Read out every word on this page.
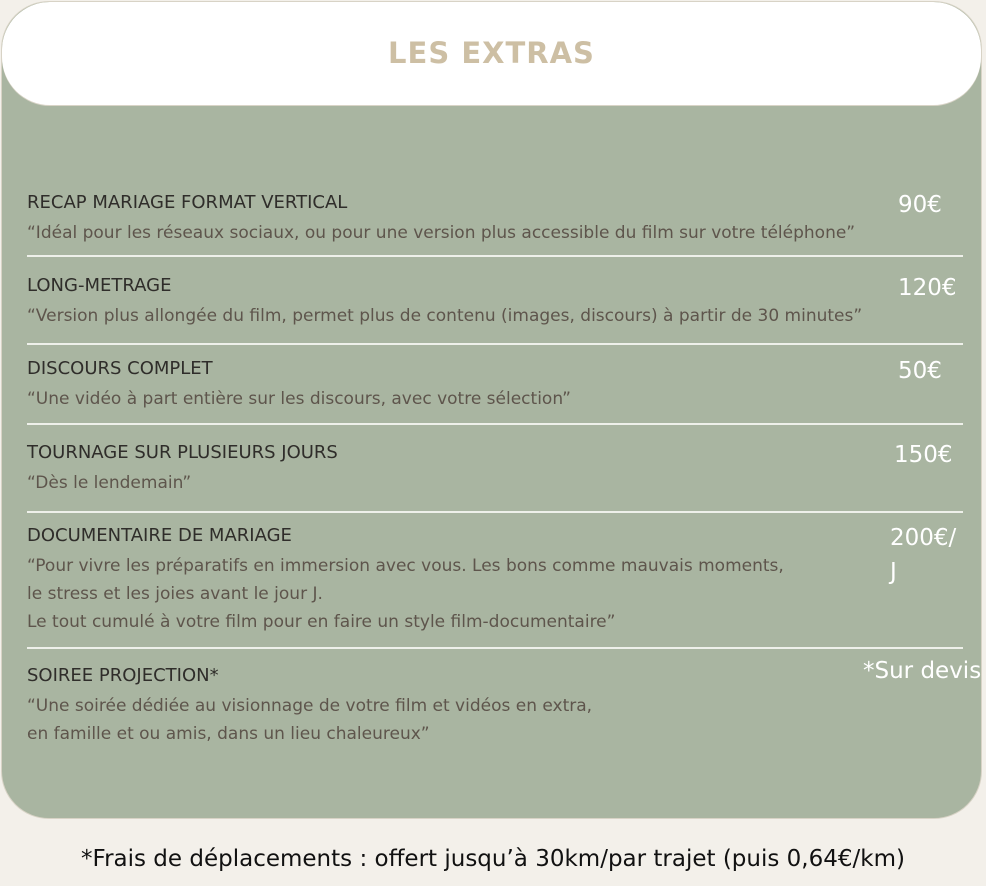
LES EXTRAS
RECAP MARIAGE FORMAT VERTICAL
“Idéal pour les réseaux sociaux, ou pour une version plus accessible du film sur votre téléphone”
90€
LONG-METRAGE
“Version plus allongée du film, permet plus de contenu (images, discours) à partir de 30 minutes”
120€
DISCOURS COMPLET
“Une vidéo à part entière sur les discours, avec votre sélection”
50€
TOURNAGE SUR PLUSIEURS JOURS
“Dès le lendemain”
150€
DOCUMENTAIRE DE MARIAGE
“Pour vivre les préparatifs en immersion avec vous. Les bons comme mauvais moments,
le stress et les joies avant le jour J.
Le tout cumulé à votre film pour en faire un style film-documentaire”
200€/
J
SOIREE PROJECTION*
“Une soirée dédiée au visionnage de votre film et vidéos en extra,
en famille et ou amis, dans un lieu chaleureux”
*Sur devis
*Frais de déplacements : offert jusqu’à 30km/par trajet (puis 0,64€/km)
